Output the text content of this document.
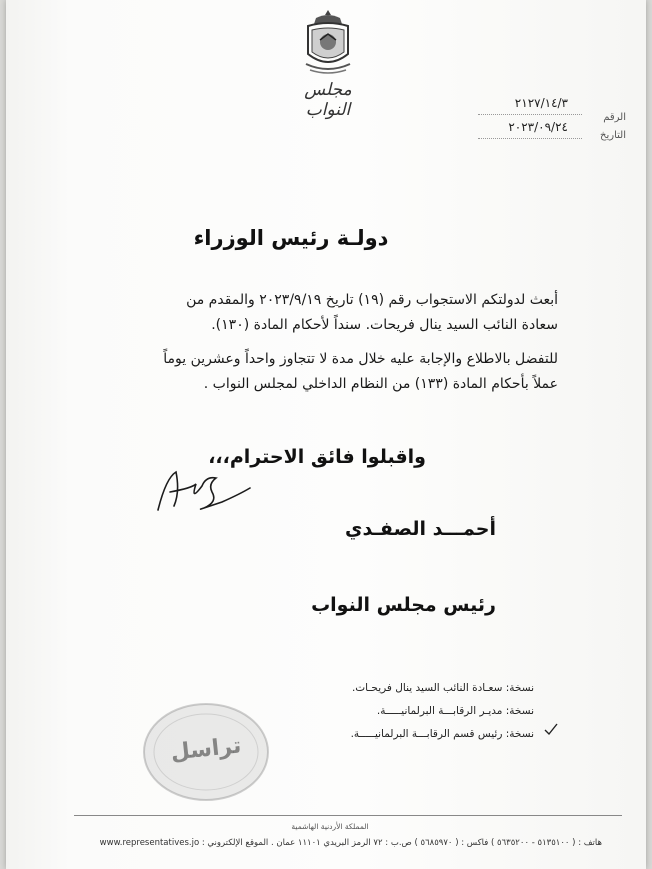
مجلس النواب	٢١٢٧/١٤/٣
الرقم
٢٠٢٣/٠٩/٢٤
التاريخ
دولـة رئيس الوزراء
أبعث لدولتكم الاستجواب رقم (١٩) تاريخ ٢٠٢٣/٩/١٩ والمقدم من
سعادة النائب السيد ينال فريحات. سنداً لأحكام المادة (١٣٠).
للتفضل بالاطلاع والإجابة عليه خلال مدة لا تتجاوز واحداً وعشرين يوماً
عملاً بأحكام المادة (١٣٣) من النظام الداخلي لمجلس النواب .
واقبلوا فائق الاحترام،،،
أحمـــد الصفـدي
رئيس مجلس النواب
نسخة: سعـادة النائب السيد ينال فريحـات.
نسخة: مديـر الرقابـــة البرلمانيـــــة.
نسخة: رئيس قسم الرقابـــة البرلمانيـــــة.
تراسل
المملكة الأردنية الهاشمية
هاتف : ( ٥١٣٥١٠٠ - ٥٦٣٥٢٠٠ ) فاكس : ( ٥٦٨٥٩٧٠ ) ص.ب : ٧٢ الرمز البريدي ١١١٠١ عمان . الموقع الإلكتروني : www.representatives.jo
